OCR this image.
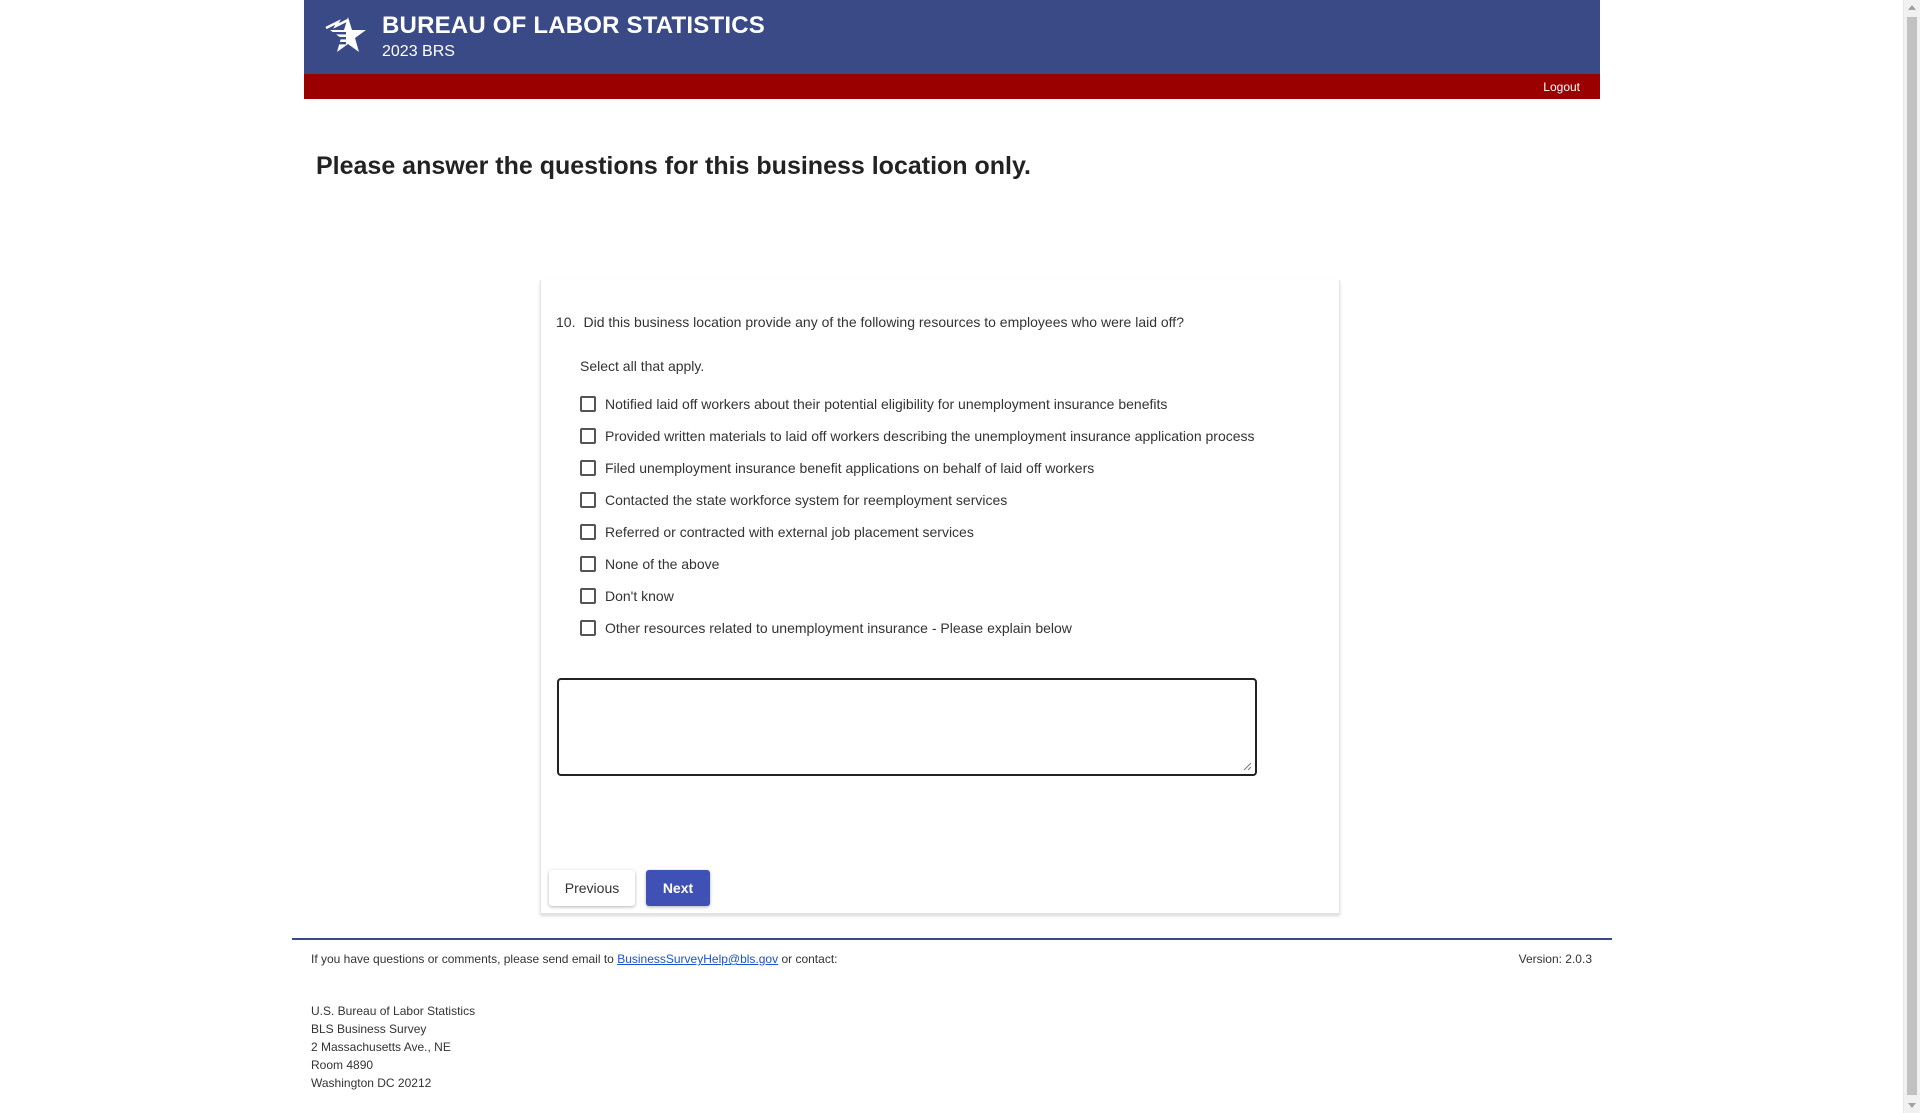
BUREAU OF LABOR STATISTICS
2023 BRS
Logout
Please answer the questions for this business location only.
10. Did this business location provide any of the following resources to employees who were laid off?
Select all that apply.
Notified laid off workers about their potential eligibility for unemployment insurance benefits
Provided written materials to laid off workers describing the unemployment insurance application process
Filed unemployment insurance benefit applications on behalf of laid off workers
Contacted the state workforce system for reemployment services
Referred or contracted with external job placement services
None of the above
Don't know
Other resources related to unemployment insurance - Please explain below
Previous	Next
If you have questions or comments, please send email to BusinessSurveyHelp@bls.gov or contact:	Version: 2.0.3
U.S. Bureau of Labor Statistics
BLS Business Survey
2 Massachusetts Ave., NE
Room 4890
Washington DC 20212
